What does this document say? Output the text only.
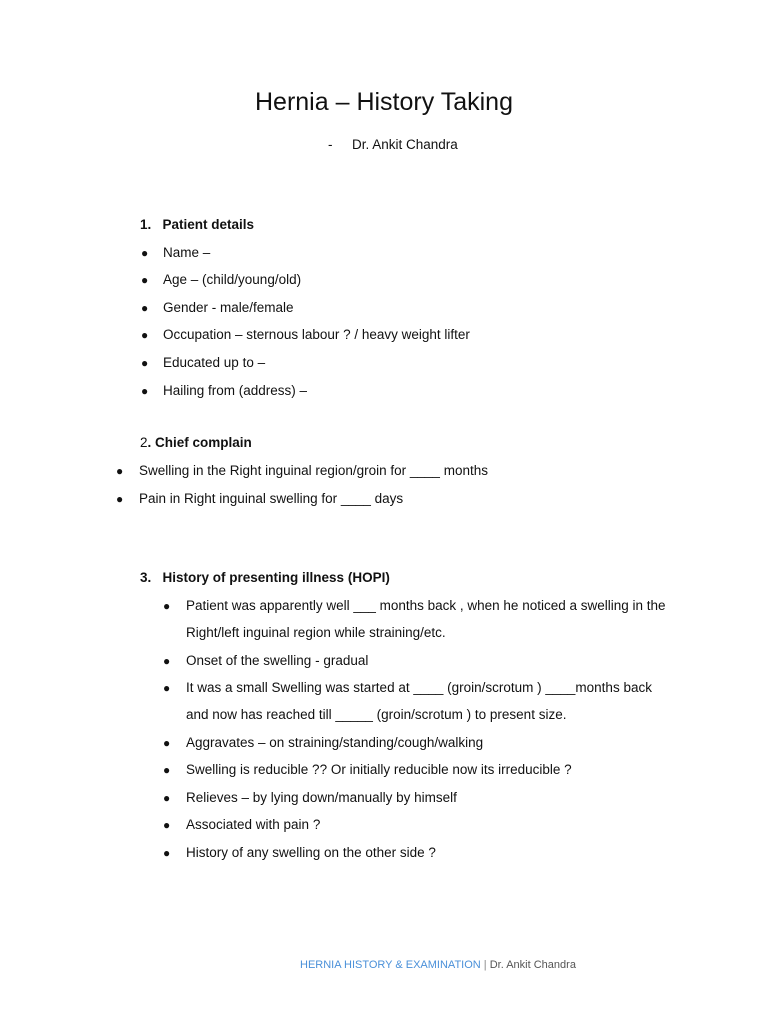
Hernia – History Taking
- Dr. Ankit Chandra
1. Patient details
● Name –
● Age – (child/young/old)
● Gender - male/female
● Occupation – sternous labour ? / heavy weight lifter
● Educated up to –
● Hailing from (address) –
2. Chief complain
● Swelling in the Right inguinal region/groin for ____ months
● Pain in Right inguinal swelling for ____ days
3. History of presenting illness (HOPI)
● Patient was apparently well ___ months back , when he noticed a swelling in the
Right/left inguinal region while straining/etc.
● Onset of the swelling - gradual
● It was a small Swelling was started at ____ (groin/scrotum ) ____months back
and now has reached till _____ (groin/scrotum ) to present size.
● Aggravates – on straining/standing/cough/walking
● Swelling is reducible ?? Or initially reducible now its irreducible ?
● Relieves – by lying down/manually by himself
● Associated with pain ?
● History of any swelling on the other side ?
HERNIA HISTORY & EXAMINATION | Dr. Ankit Chandra
